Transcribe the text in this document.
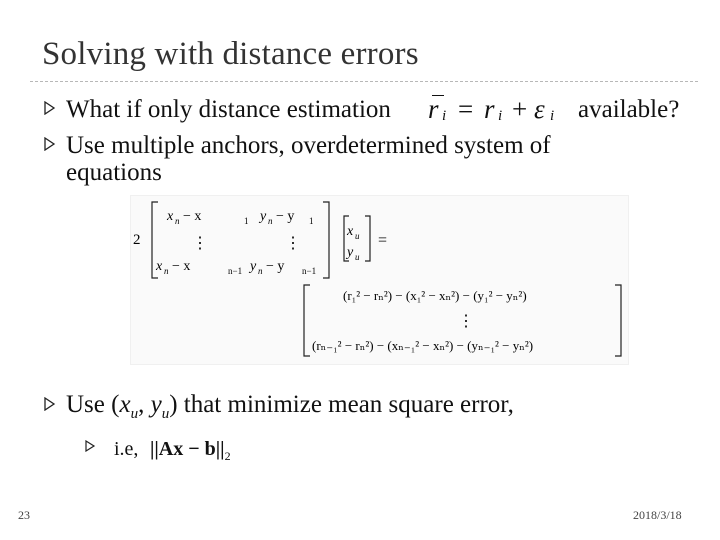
Solving with distance errors
What if only distance estimation r i = r i + ε i available?
Use multiple anchors, overdetermined system of
equations
2
x n − x	1 y n − y 1
⋮	⋮
x n − x	n−1 y n − y n−1
x u
y u
=
(r₁² − rₙ²) − (x₁² − xₙ²) − (y₁² − yₙ²)
⋮
(rₙ₋₁² − rₙ²) − (xₙ₋₁² − xₙ²) − (yₙ₋₁² − yₙ²)
Use ($x_u$, $y_u$) that minimize mean square error,
i.e, $||Ax - b||_2$
23	2018/3/18
